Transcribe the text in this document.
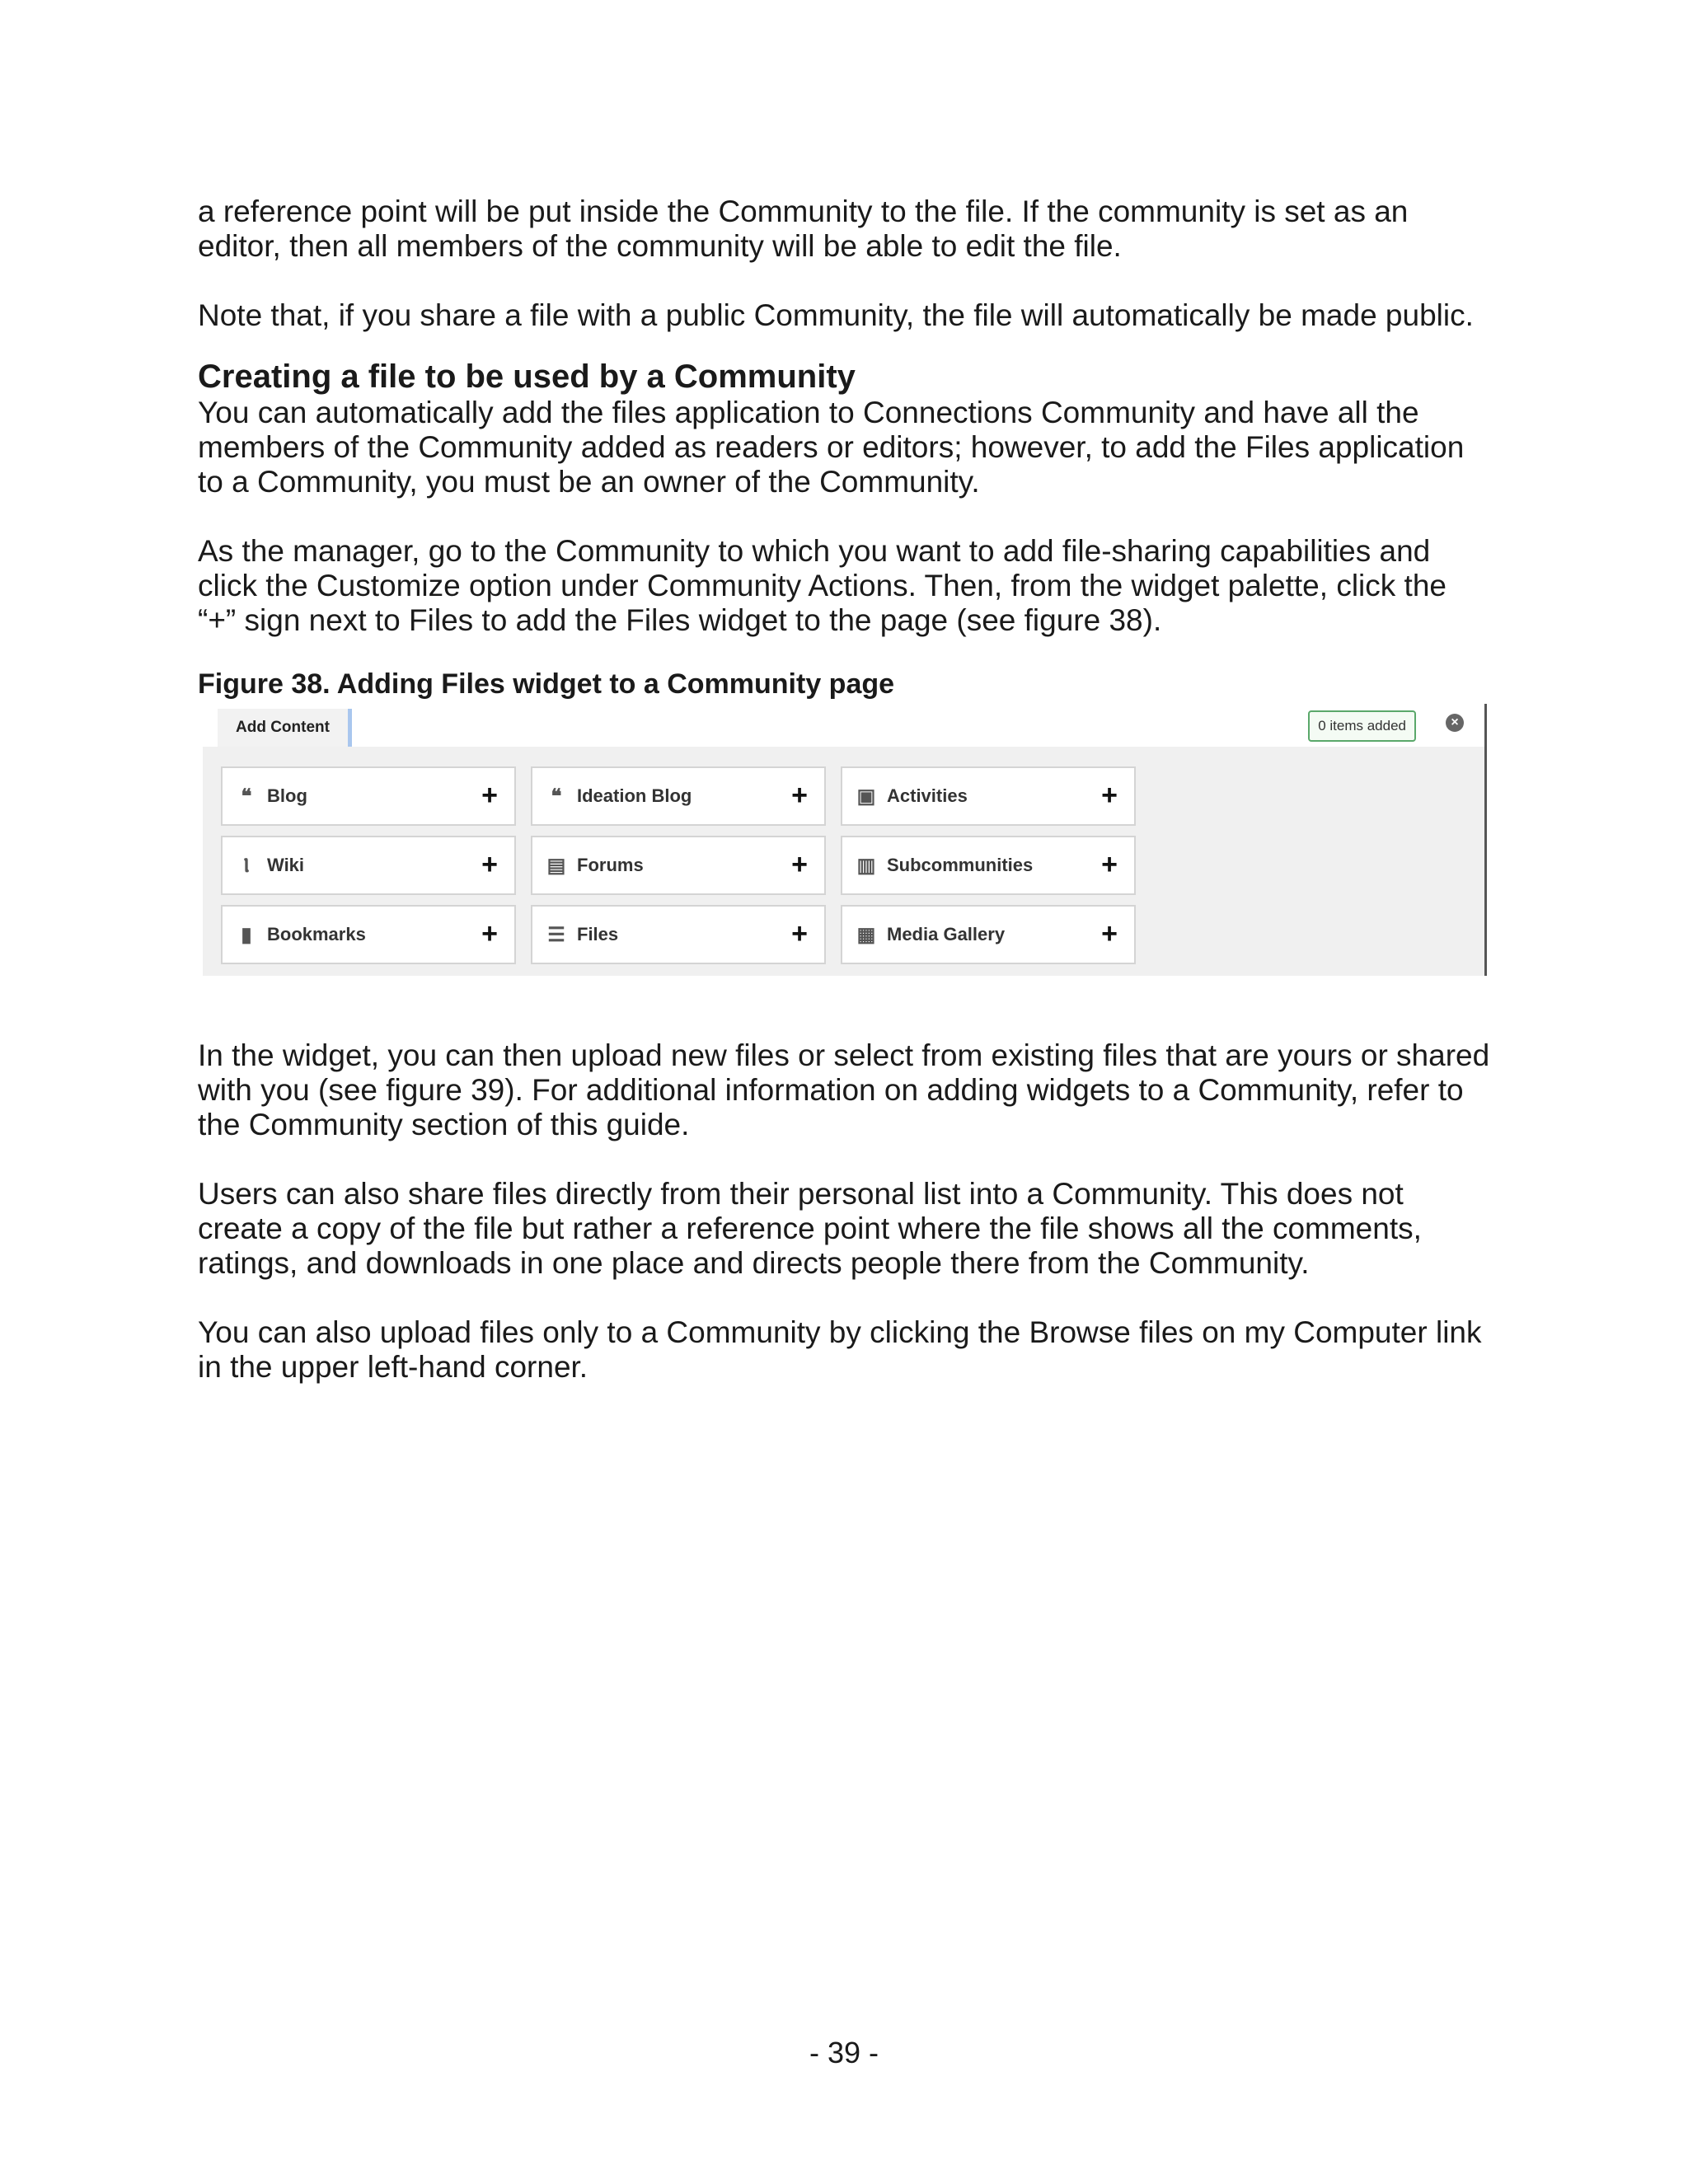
a reference point will be put inside the Community to the file. If the community is set as an editor, then all members of the community will be able to edit the file.

Note that, if you share a file with a public Community, the file will automatically be made public.

Creating a file to be used by a Community

You can automatically add the files application to Connections Community and have all the members of the Community added as readers or editors; however, to add the Files application to a Community, you must be an owner of the Community.

As the manager, go to the Community to which you want to add file-sharing capabilities and click the Customize option under Community Actions. Then, from the widget palette, click the “+” sign next to Files to add the Files widget to the page (see figure 38).

Figure 38. Adding Files widget to a Community page

Add Content	0 items added	×
❝ Blog	+	❝ Ideation Blog	+ ▣ Activities	+
Ⲓ Wiki	+ ▤ Forums	+ ▥ Subcommunities +
▮ Bookmarks	+	☰ Files	+ ▦ Media Gallery	+

In the widget, you can then upload new files or select from existing files that are yours or shared with you (see figure 39). For additional information on adding widgets to a Community, refer to the Community section of this guide.

Users can also share files directly from their personal list into a Community. This does not create a copy of the file but rather a reference point where the file shows all the comments, ratings, and downloads in one place and directs people there from the Community.

You can also upload files only to a Community by clicking the Browse files on my Computer link in the upper left-hand corner.

- 39 -
